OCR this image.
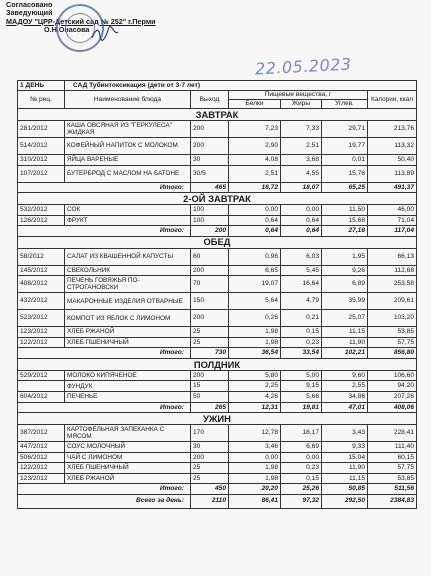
Согласовано
Заведующий
МАДОУ "ЦРР-Детский сад № 252" г.Перми
О.Н.Онасова
22.05.2023
1 ДЕНЬ	САД Тубинтоксикация (дети от 3-7 лет)					
№ рец.	Наименование блюда	Выход	Пищевые вещества, г			Калории, ккал
			Белки	Жиры	Углев.	
ЗАВТРАК						
281/2012	КАША ОВСЯНАЯ ИЗ "ГЕРКУЛЕСА" ЖИДКАЯ	200	7,23	7,33	29,71	213,76
514/2012	КОФЕЙНЫЙ НАПИТОК С МОЛОКОМ	200	2,90	2,51	19,77	113,32
310/2012	ЯЙЦА ВАРЕНЫЕ	30	4,08	3,68	0,01	50,40
107/2012	БУТЕРБРОД С МАСЛОМ НА БАТОНЕ	30/5	2,51	4,55	15,76	113,89
Итого:		465	16,72	18,07	65,25	491,37
2-ОЙ ЗАВТРАК						
532/2012	СОК	100	0,00	0,00	11,50	46,00
126/2012	ФРУКТ	100	0,64	0,64	15,68	71,04
Итого:		200	0,64	0,64	27,18	117,04
ОБЕД						
58/2012	САЛАТ ИЗ КВАШЕННОЙ КАПУСТЫ	60	0,96	6,03	1,95	66,13
145/2012	СВЕКОЛЬНИК	200	6,65	5,45	9,26	112,68
408/2012	ПЕЧЕНЬ ГОВЯЖЬЯ ПО-СТРОГАНОВСКИ	70	19,07	16,64	6,89	253,58
432/2012	МАКАРОННЫЕ ИЗДЕЛИЯ ОТВАРНЫЕ	150	5,64	4,79	35,99	209,61
523/2012	КОМПОТ ИЗ ЯБЛОК С ЛИМОНОМ	200	0,26	0,21	25,07	103,20
123/2012	ХЛЕБ РЖАНОЙ	25	1,98	0,15	11,15	53,85
122/2012	ХЛЕБ ПШЕНИЧНЫЙ	25	1,98	0,23	11,90	57,75
Итого:		730	36,54	33,54	102,21	856,80
ПОЛДНИК						
529/2012	МОЛОКО КИПЯЧЕНОЕ	200	5,80	5,00	9,60	106,60
	ФУНДУК	15	2,25	9,15	2,55	94,20
604/2012	ПЕЧЕНЬЕ	50	4,26	5,66	34,86	207,26
Итого:		265	12,31	19,81	47,01	408,06
УЖИН						
387/2012	КАРТОФЕЛЬНАЯ ЗАПЕКАНКА С МЯСОМ	170	12,78	18,17	3,43	228,41
447/2012	СОУС МОЛОЧНЫЙ	30	3,46	6,69	9,33	111,40
506/2012	ЧАЙ С ЛИМОНОМ	200	0,00	0,00	15,04	60,15
122/2012	ХЛЕБ ПШЕНИЧНЫЙ	25	1,98	0,23	11,90	57,75
123/2012	ХЛЕБ РЖАНОЙ	25	1,98	0,15	11,15	53,85
Итого:		450	20,20	25,26	50,85	511,56
Всего за день:		2110	86,41	97,32	292,50	2384,83
